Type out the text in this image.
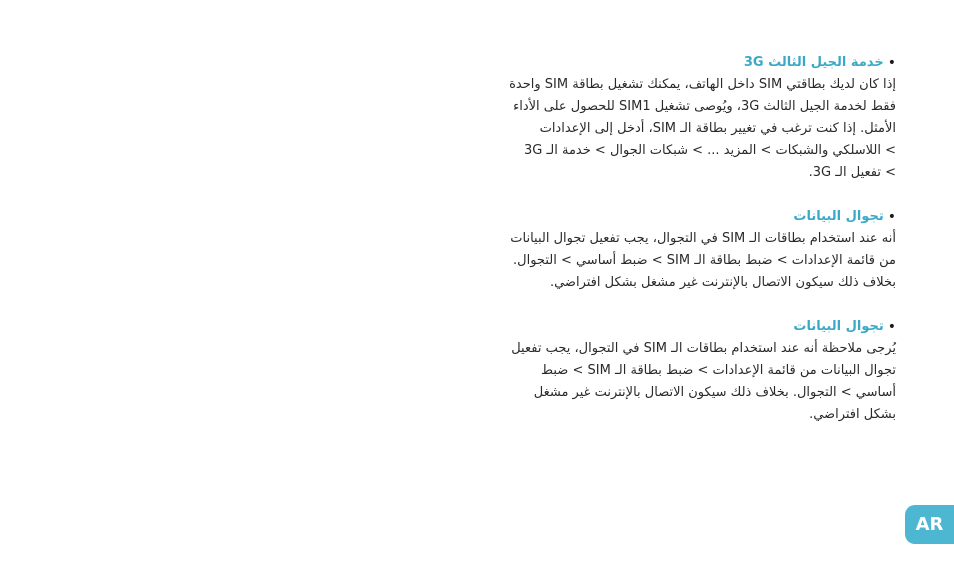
•
خدمة الجيل الثالث 3G
إذا كان لديك بطاقتي SIM داخل الهاتف، يمكنك تشغيل بطاقة SIM واحدة
فقط لخدمة الجيل الثالث 3G، ويُوصى تشغيل SIM1 للحصول على الأداء
الأمثل. إذا كنت ترغب في تغيير بطاقة الـ SIM، أدخل إلى الإعدادات
> اللاسلكي والشبكات > المزيد ... > شبكات الجوال > خدمة الـ 3G
> تفعيل الـ 3G.
•
تجوال البيانات
أنه عند استخدام بطاقات الـ SIM في التجوال، يجب تفعيل تجوال البيانات
من قائمة الإعدادات > ضبط بطاقة الـ SIM > ضبط أساسي > التجوال.
بخلاف ذلك سيكون الاتصال بالإنترنت غير مشغل بشكل افتراضي.
•
تجوال البيانات
يُرجى ملاحظة أنه عند استخدام بطاقات الـ SIM في التجوال، يجب تفعيل
تجوال البيانات من قائمة الإعدادات > ضبط بطاقة الـ SIM > ضبط
أساسي > التجوال. بخلاف ذلك سيكون الاتصال بالإنترنت غير مشغل
بشكل افتراضي.
AR
